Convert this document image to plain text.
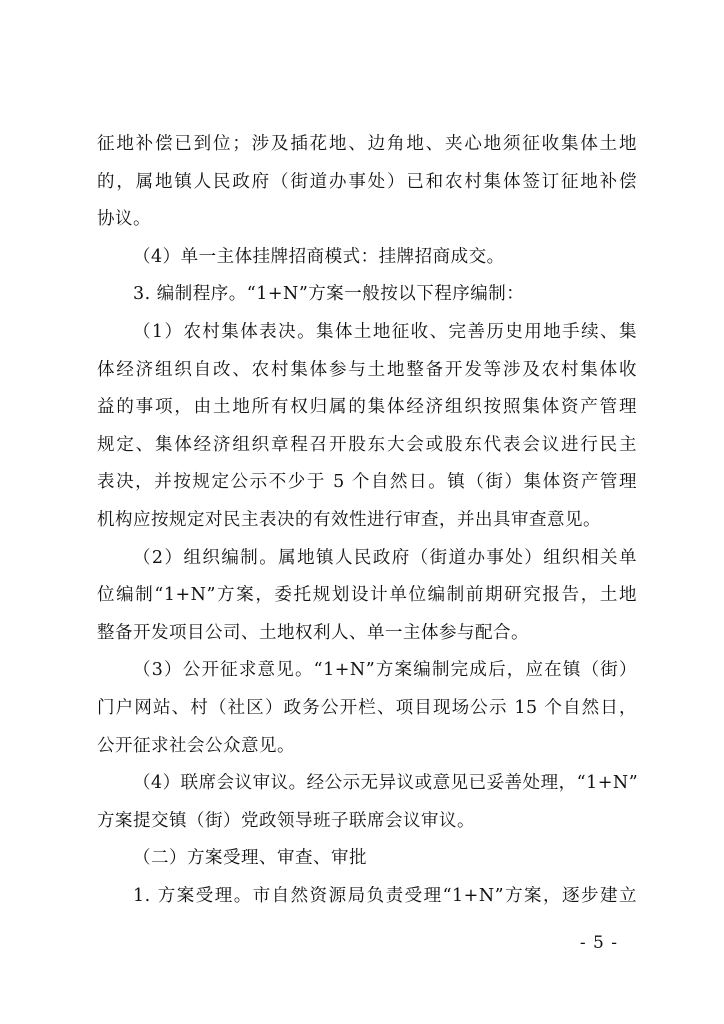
征地补偿已到位；涉及插花地、边角地、夹心地须征收集体土地
的，属地镇人民政府（街道办事处）已和农村集体签订征地补偿
协议。
（4）单一主体挂牌招商模式：挂牌招商成交。
3. 编制程序。“1+N”方案一般按以下程序编制：
（1）农村集体表决。集体土地征收、完善历史用地手续、集
体经济组织自改、农村集体参与土地整备开发等涉及农村集体收
益的事项，由土地所有权归属的集体经济组织按照集体资产管理
规定、集体经济组织章程召开股东大会或股东代表会议进行民主
表决，并按规定公示不少于 5 个自然日。镇（街）集体资产管理
机构应按规定对民主表决的有效性进行审查，并出具审查意见。
（2）组织编制。属地镇人民政府（街道办事处）组织相关单
位编制“1+N”方案，委托规划设计单位编制前期研究报告，土地
整备开发项目公司、土地权利人、单一主体参与配合。
（3）公开征求意见。“1+N”方案编制完成后，应在镇（街）
门户网站、村（社区）政务公开栏、项目现场公示 15 个自然日，
公开征求社会公众意见。
（4）联席会议审议。经公示无异议或意见已妥善处理，“1+N”
方案提交镇（街）党政领导班子联席会议审议。
（二）方案受理、审查、审批
1. 方案受理。市自然资源局负责受理“1+N”方案，逐步建立
- 5 -
